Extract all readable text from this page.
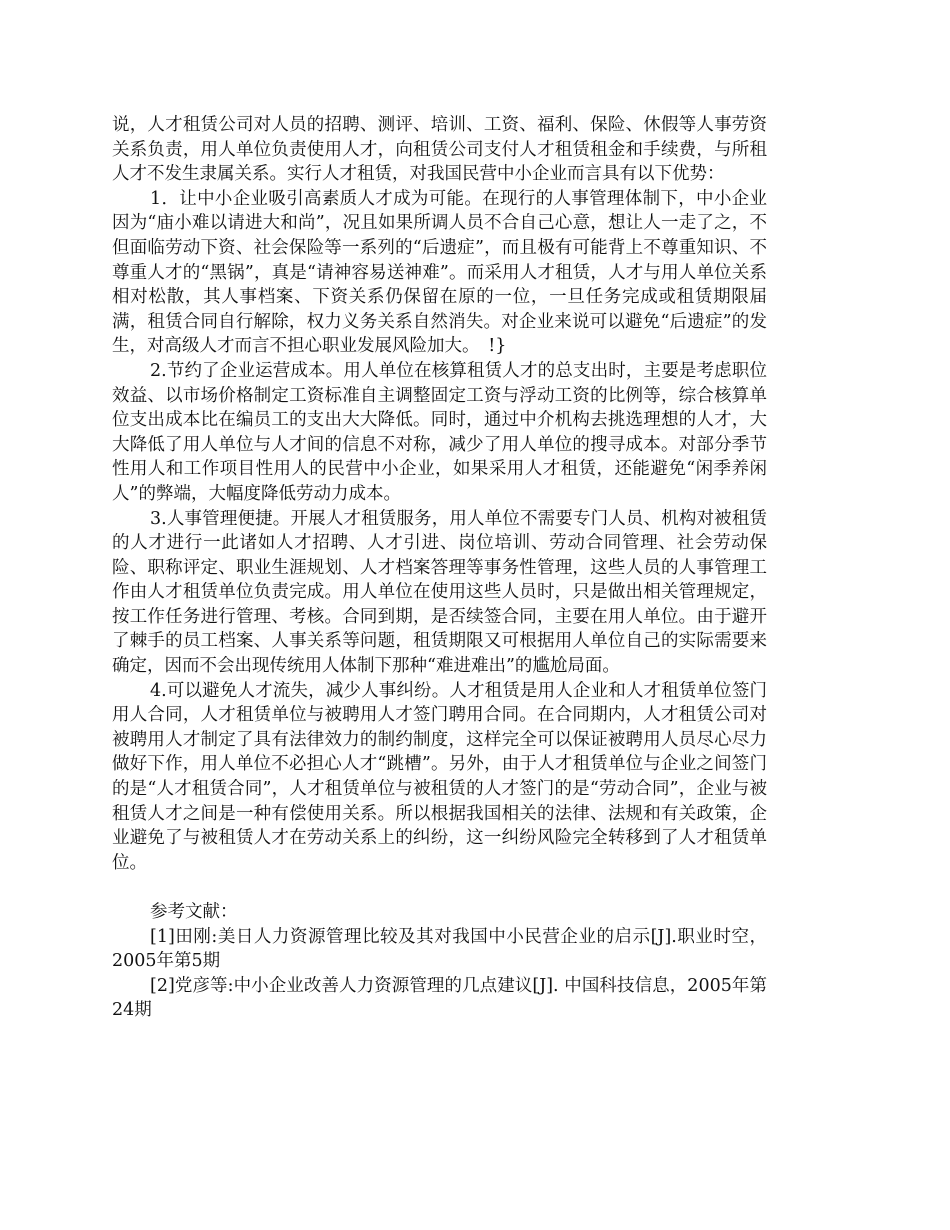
说，人才租赁公司对人员的招聘、测评、培训、工资、福利、保险、休假等人事劳资关系负责，用人单位负责使用人才，向租赁公司支付人才租赁租金和手续费，与所租人才不发生隶属关系。实行人才租赁，对我国民营中小企业而言具有以下优势：

1．让中小企业吸引高素质人才成为可能。在现行的人事管理体制下，中小企业因为“庙小难以请进大和尚”，况且如果所调人员不合自己心意，想让人一走了之，不但面临劳动下资、社会保险等一系列的“后遗症”，而且极有可能背上不尊重知识、不尊重人才的“黑锅”，真是“请神容易送神难”。而采用人才租赁，人才与用人单位关系相对松散，其人事档案、下资关系仍保留在原的一位，一旦任务完成或租赁期限届满，租赁合同自行解除，权力义务关系自然消失。对企业来说可以避免“后遗症”的发生，对高级人才而言不担心职业发展风险加大。　!}

2.节约了企业运营成本。用人单位在核算租赁人才的总支出时，主要是考虑职位效益、以市场价格制定工资标准自主调整固定工资与浮动工资的比例等，综合核算单位支出成本比在编员工的支出大大降低。同时，通过中介机构去挑选理想的人才，大大降低了用人单位与人才间的信息不对称，减少了用人单位的搜寻成本。对部分季节性用人和工作项目性用人的民营中小企业，如果采用人才租赁，还能避免“闲季养闲人”的弊端，大幅度降低劳动力成本。

3.人事管理便捷。开展人才租赁服务，用人单位不需要专门人员、机构对被租赁的人才进行一此诸如人才招聘、人才引进、岗位培训、劳动合同管理、社会劳动保险、职称评定、职业生涯规划、人才档案答理等事务性管理，这些人员的人事管理工作由人才租赁单位负责完成。用人单位在使用这些人员时，只是做出相关管理规定，按工作任务进行管理、考核。合同到期，是否续签合同，主要在用人单位。由于避开了棘手的员工档案、人事关系等问题，租赁期限又可根据用人单位自己的实际需要来确定，因而不会出现传统用人体制下那种“难进难出”的尴尬局面。

4.可以避免人才流失，减少人事纠纷。人才租赁是用人企业和人才租赁单位签门用人合同，人才租赁单位与被聘用人才签门聘用合同。在合同期内，人才租赁公司对被聘用人才制定了具有法律效力的制约制度，这样完全可以保证被聘用人员尽心尽力做好下作，用人单位不必担心人才“跳槽”。另外，由于人才租赁单位与企业之间签门的是“人才租赁合同”，人才租赁单位与被租赁的人才签门的是“劳动合同”，企业与被租赁人才之间是一种有偿使用关系。所以根据我国相关的法律、法规和有关政策，企业避免了与被租赁人才在劳动关系上的纠纷，这一纠纷风险完全转移到了人才租赁单位。

参考文献：

[1]田刚:美日人力资源管理比较及其对我国中小民营企业的启示[J].职业时空，2005年第5期

[2]党彦等:中小企业改善人力资源管理的几点建议[J]. 中国科技信息，2005年第24期
